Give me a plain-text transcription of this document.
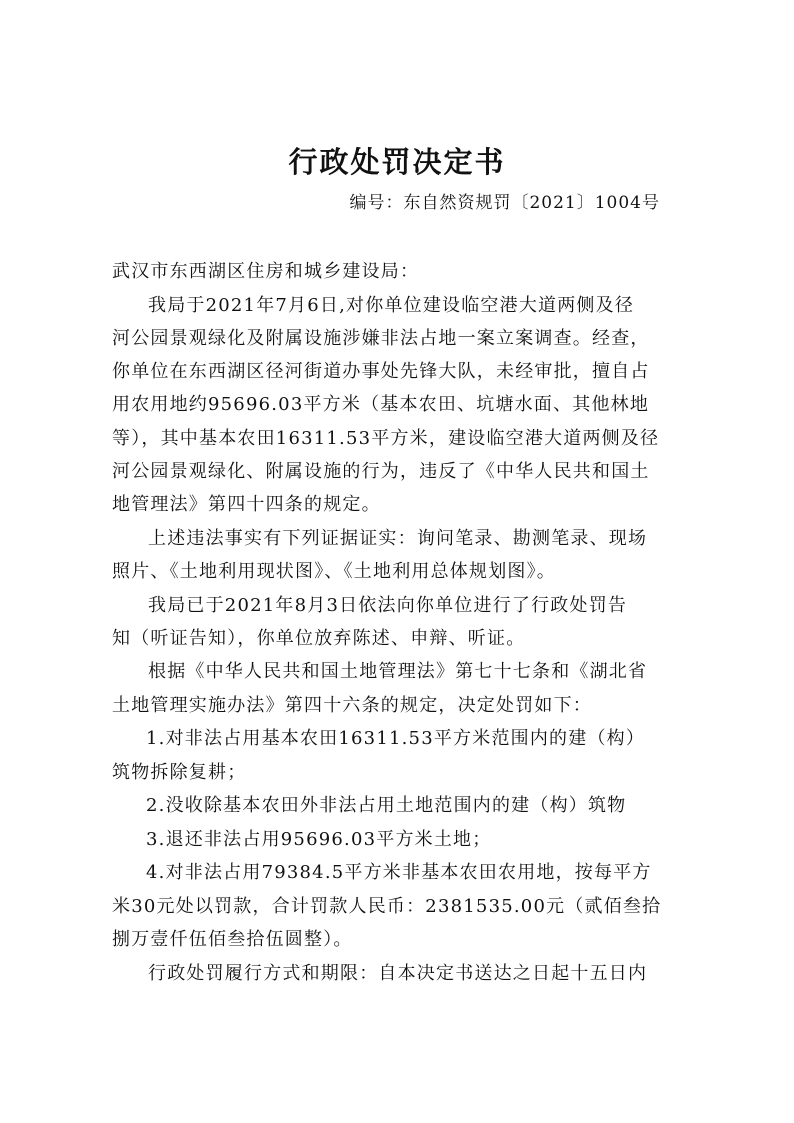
行政处罚决定书
编号：东自然资规罚〔2021〕1004号
武汉市东西湖区住房和城乡建设局：
我局于2021年7月6日,对你单位建设临空港大道两侧及径
河公园景观绿化及附属设施涉嫌非法占地一案立案调查。经查，
你单位在东西湖区径河街道办事处先锋大队，未经审批，擅自占
用农用地约95696.03平方米（基本农田、坑塘水面、其他林地
等），其中基本农田16311.53平方米，建设临空港大道两侧及径
河公园景观绿化、附属设施的行为，违反了《中华人民共和国土
地管理法》第四十四条的规定。
上述违法事实有下列证据证实：询问笔录、勘测笔录、现场
照片、《土地利用现状图》、《土地利用总体规划图》。
我局已于2021年8月3日依法向你单位进行了行政处罚告
知（听证告知），你单位放弃陈述、申辩、听证。
根据《中华人民共和国土地管理法》第七十七条和《湖北省
土地管理实施办法》第四十六条的规定，决定处罚如下：
1.对非法占用基本农田16311.53平方米范围内的建（构）
筑物拆除复耕；
2.没收除基本农田外非法占用土地范围内的建（构）筑物
3.退还非法占用95696.03平方米土地；
4.对非法占用79384.5平方米非基本农田农用地，按每平方
米30元处以罚款，合计罚款人民币：2381535.00元（贰佰叁拾
捌万壹仟伍佰叁拾伍圆整）。
行政处罚履行方式和期限：自本决定书送达之日起十五日内
